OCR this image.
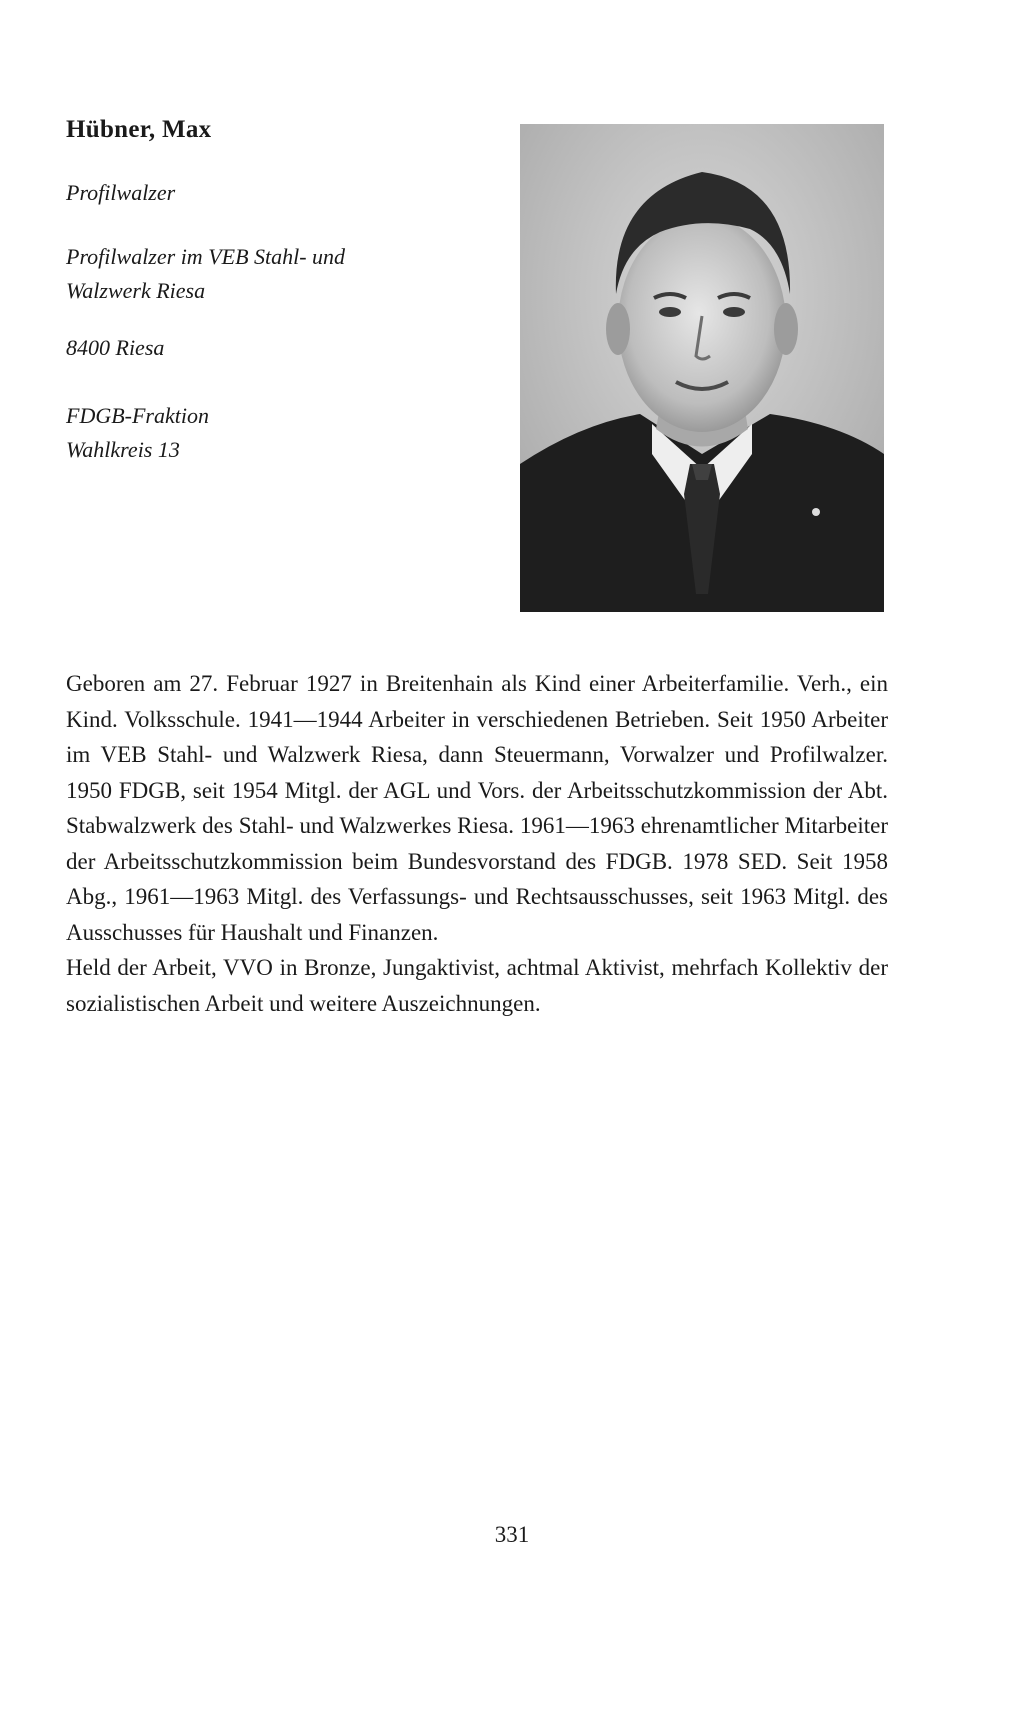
Hübner, Max
Profilwalzer
Profilwalzer im VEB Stahl- und
Walzwerk Riesa
8400 Riesa
FDGB-Fraktion
Wahlkreis 13

Geboren am 27. Februar 1927 in Breitenhain als Kind einer Arbeiterfamilie. Verh., ein Kind. Volksschule. 1941—1944 Arbeiter in verschiedenen Betrieben. Seit 1950 Arbeiter im VEB Stahl- und Walzwerk Riesa, dann Steuermann, Vorwalzer und Profilwalzer. 1950 FDGB, seit 1954 Mitgl. der AGL und Vors. der Arbeitsschutzkommission der Abt. Stabwalzwerk des Stahl- und Walzwerkes Riesa. 1961—1963 ehrenamtlicher Mitarbeiter der Arbeitsschutzkommission beim Bundesvorstand des FDGB. 1978 SED. Seit 1958 Abg., 1961—1963 Mitgl. des Verfassungs- und Rechtsausschusses, seit 1963 Mitgl. des Ausschusses für Haushalt und Finanzen.

Held der Arbeit, VVO in Bronze, Jungaktivist, achtmal Aktivist, mehrfach Kollektiv der sozialistischen Arbeit und weitere Auszeichnungen.

331
